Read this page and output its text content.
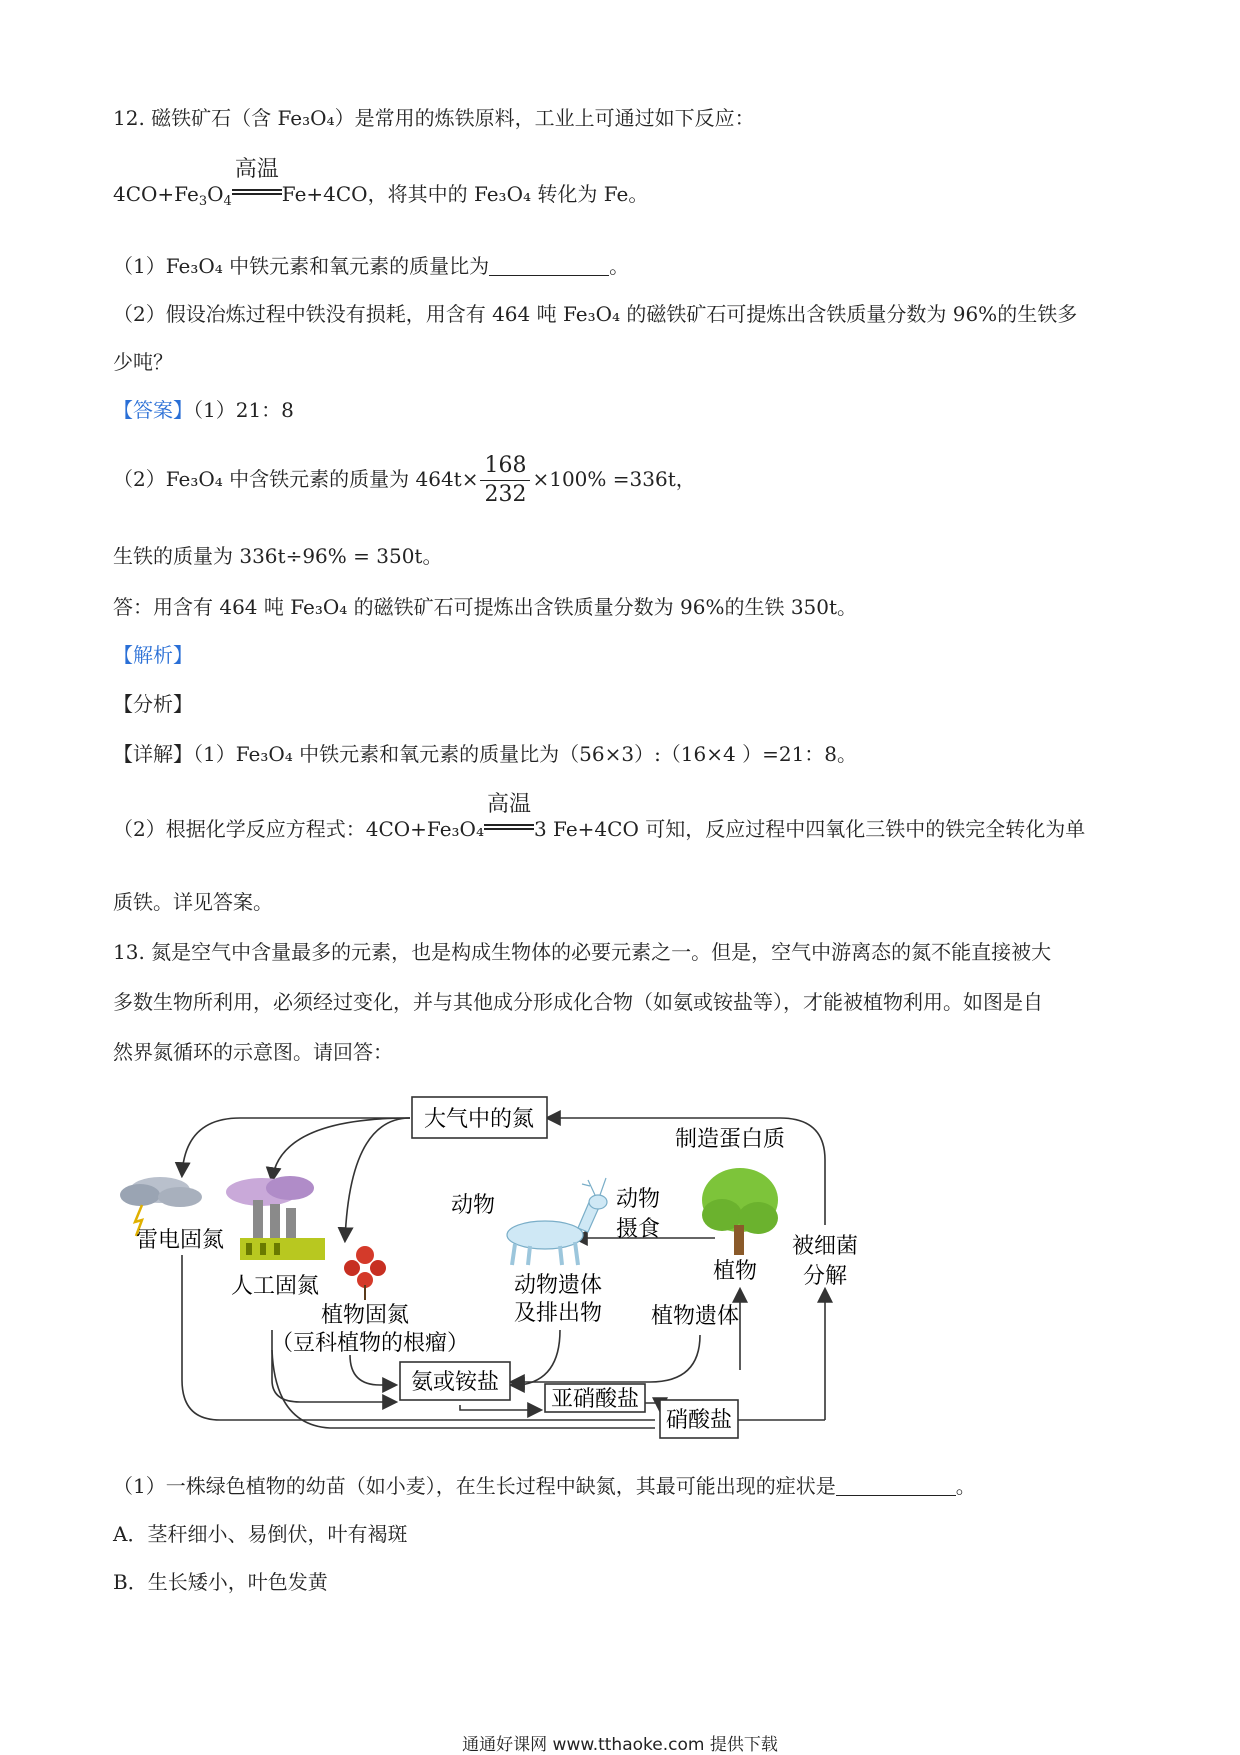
12. 磁铁矿石（含 Fe₃O₄）是常用的炼铁原料，工业上可通过如下反应：
$4CO+Fe_3O_4$
高温
Fe+4CO，将其中的 Fe₃O₄ 转化为 Fe。
（1）Fe₃O₄ 中铁元素和氧元素的质量比为	。
（2）假设冶炼过程中铁没有损耗，用含有 464 吨 Fe₃O₄ 的磁铁矿石可提炼出含铁质量分数为 96%的生铁多
少吨？
【答案】（1）21：8
（2）Fe₃O₄ 中含铁元素的质量为 $464t\times \frac{168}{232} \times 100\% =336t$，
生铁的质量为 336t÷96% = 350t。
答：用含有 464 吨 Fe₃O₄ 的磁铁矿石可提炼出含铁质量分数为 96%的生铁 350t。
【解析】
【分析】
【详解】（1）Fe₃O₄ 中铁元素和氧元素的质量比为（56×3）:（16×4 ）=21：8。
（2）根据化学反应方程式：4CO+Fe₃O₄
高温
3 Fe+4CO 可知，反应过程中四氧化三铁中的铁完全转化为单
质铁。详见答案。
13. 氮是空气中含量最多的元素，也是构成生物体的必要元素之一。但是，空气中游离态的氮不能直接被大
多数生物所利用，必须经过变化，并与其他成分形成化合物（如氨或铵盐等），才能被植物利用。如图是自
然界氮循环的示意图。请回答：
大气中的氮
制造蛋白质
雷电固氮
人工固氮
植物固氮
（豆科植物的根瘤）
动物	动物
摄食
植物
被细菌
分解
动物遗体
及排出物 植物遗体
氨或铵盐
亚硝酸盐
硝酸盐
（1）一株绿色植物的幼苗（如小麦），在生长过程中缺氮，其最可能出现的症状是	。
A．茎秆细小、易倒伏，叶有褐斑
B．生长矮小，叶色发黄
通通好课网 www.tthaoke.com 提供下载
